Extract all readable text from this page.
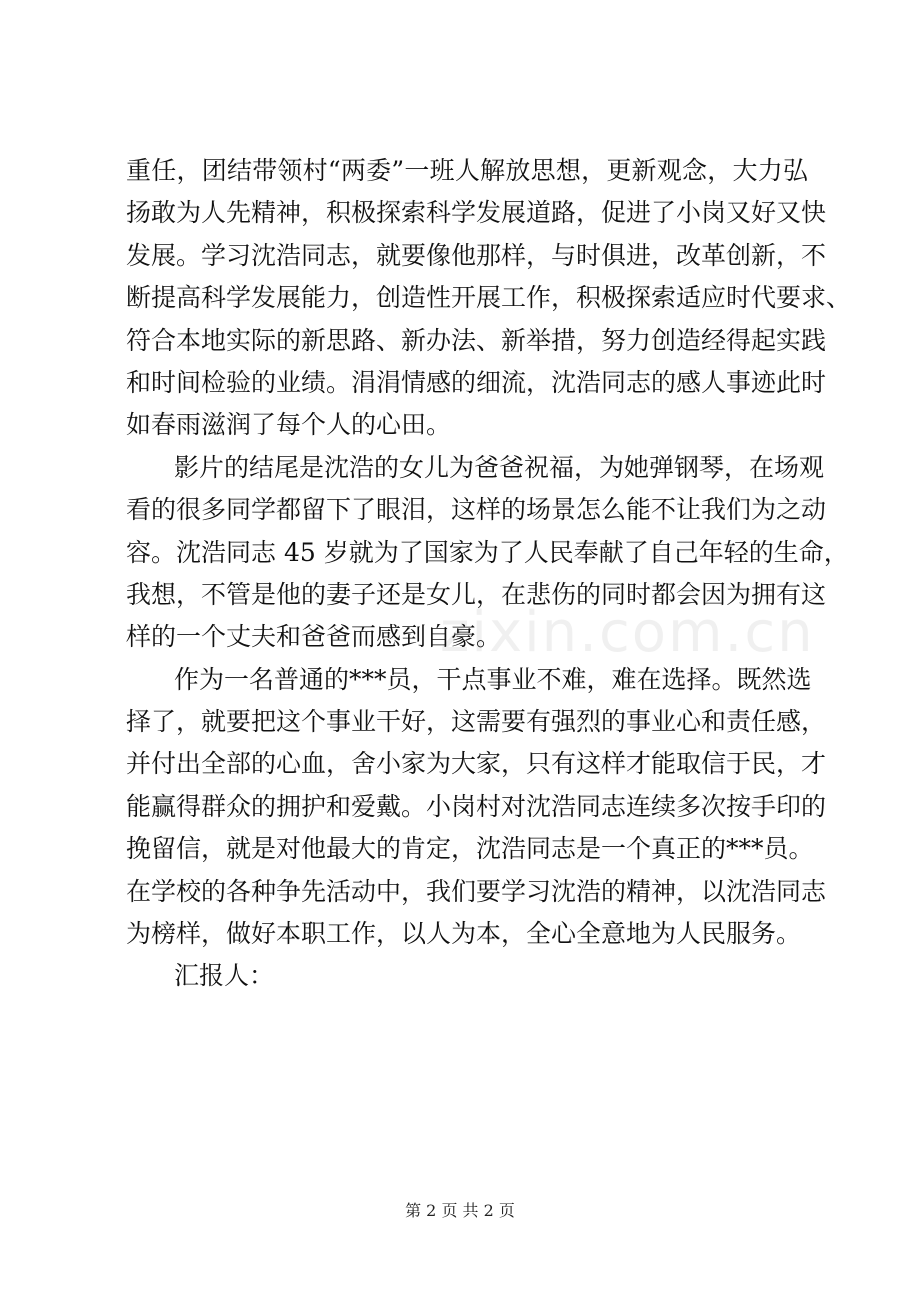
zixin.com.cn
重任，团结带领村“两委”一班人解放思想，更新观念，大力弘
扬敢为人先精神，积极探索科学发展道路，促进了小岗又好又快
发展。学习沈浩同志，就要像他那样，与时俱进，改革创新，不
断提高科学发展能力，创造性开展工作，积极探索适应时代要求、
符合本地实际的新思路、新办法、新举措，努力创造经得起实践
和时间检验的业绩。涓涓情感的细流，沈浩同志的感人事迹此时
如春雨滋润了每个人的心田。
影片的结尾是沈浩的女儿为爸爸祝福，为她弹钢琴，在场观
看的很多同学都留下了眼泪，这样的场景怎么能不让我们为之动
容。沈浩同志 45 岁就为了国家为了人民奉献了自己年轻的生命，
我想，不管是他的妻子还是女儿，在悲伤的同时都会因为拥有这
样的一个丈夫和爸爸而感到自豪。
作为一名普通的***员，干点事业不难，难在选择。既然选
择了，就要把这个事业干好，这需要有强烈的事业心和责任感，
并付出全部的心血，舍小家为大家，只有这样才能取信于民，才
能赢得群众的拥护和爱戴。小岗村对沈浩同志连续多次按手印的
挽留信，就是对他最大的肯定，沈浩同志是一个真正的***员。
在学校的各种争先活动中，我们要学习沈浩的精神，以沈浩同志
为榜样，做好本职工作，以人为本，全心全意地为人民服务。
汇报人：
第 2 页 共 2 页
